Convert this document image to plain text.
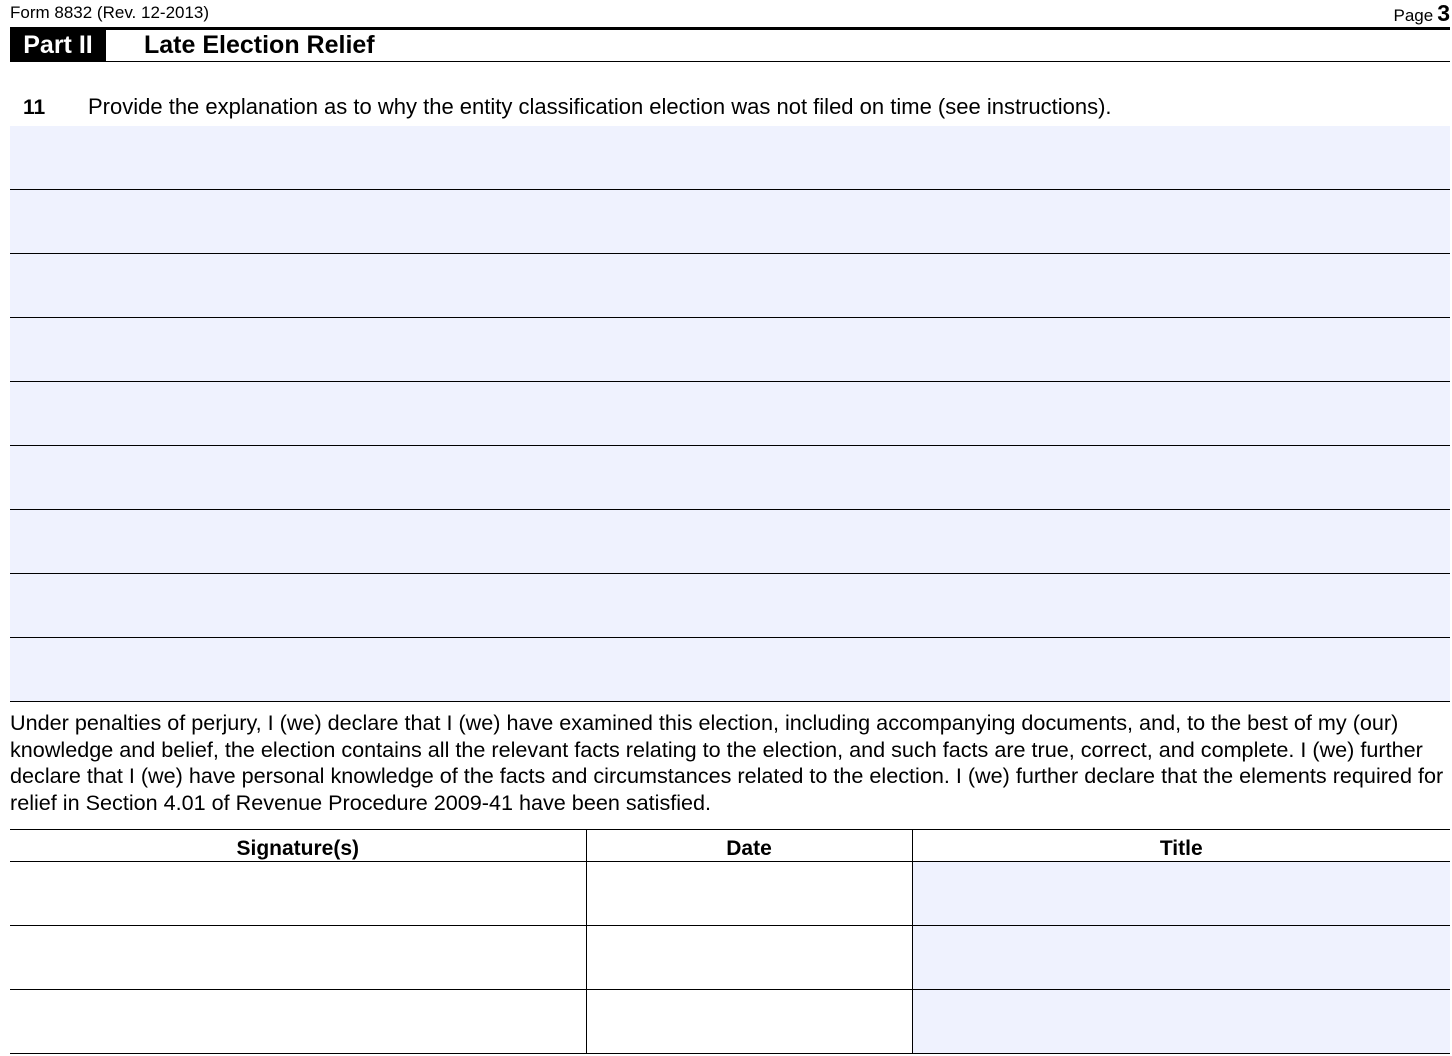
Form 8832 (Rev. 12-2013)	Page 3
Part II	Late Election Relief
11 Provide the explanation as to why the entity classification election was not filed on time (see instructions).

Under penalties of perjury, I (we) declare that I (we) have examined this election, including accompanying documents, and, to the best of my (our) knowledge and belief, the election contains all the relevant facts relating to the election, and such facts are true, correct, and complete. I (we) further declare that I (we) have personal knowledge of the facts and circumstances related to the election. I (we) further declare that the elements required for relief in Section 4.01 of Revenue Procedure 2009-41 have been satisfied.

Signature(s)	Date	Title
